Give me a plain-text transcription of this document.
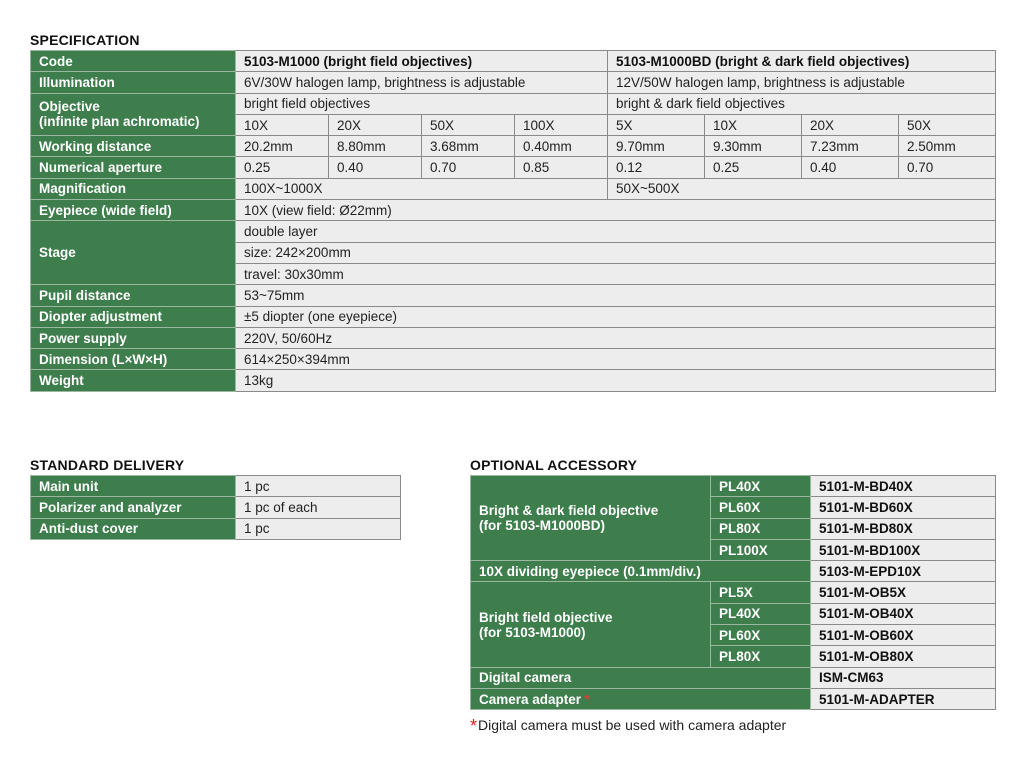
SPECIFICATION
Code	5103-M1000 (bright field objectives)				5103-M1000BD (bright & dark field objectives)			
Illumination	6V/30W halogen lamp, brightness is adjustable				12V/50W halogen lamp, brightness is adjustable			
Objective
(infinite plan achromatic)	bright field objectives				bright & dark field objectives			
	10X	20X	50X	100X	5X	10X	20X	50X
Working distance	20.2mm	8.80mm	3.68mm	0.40mm	9.70mm	9.30mm	7.23mm	2.50mm
Numerical aperture	0.25	0.40	0.70	0.85	0.12	0.25	0.40	0.70
Magnification	100X~1000X				50X~500X			
Eyepiece (wide field)	10X (view field: Ø22mm)							
Stage	double layer							
	size: 242×200mm							
	travel: 30x30mm							
Pupil distance	53~75mm							
Diopter adjustment	±5 diopter (one eyepiece)							
Power supply	220V, 50/60Hz							
Dimension (L×W×H)	614×250×394mm							
Weight	13kg							
STANDARD DELIVERY
Main unit	1 pc
Polarizer and analyzer	1 pc of each
Anti-dust cover	1 pc
OPTIONAL ACCESSORY
Bright & dark field objective
(for 5103-M1000BD)	PL40X	5101-M-BD40X
	PL60X	5101-M-BD60X
	PL80X	5101-M-BD80X
	PL100X	5101-M-BD100X
10X dividing eyepiece (0.1mm/div.)		5103-M-EPD10X
Bright field objective
(for 5103-M1000)	PL5X	5101-M-OB5X
	PL40X	5101-M-OB40X
	PL60X	5101-M-OB60X
	PL80X	5101-M-OB80X
Digital camera		ISM-CM63
Camera adapter *		5101-M-ADAPTER
*Digital camera must be used with camera adapter
